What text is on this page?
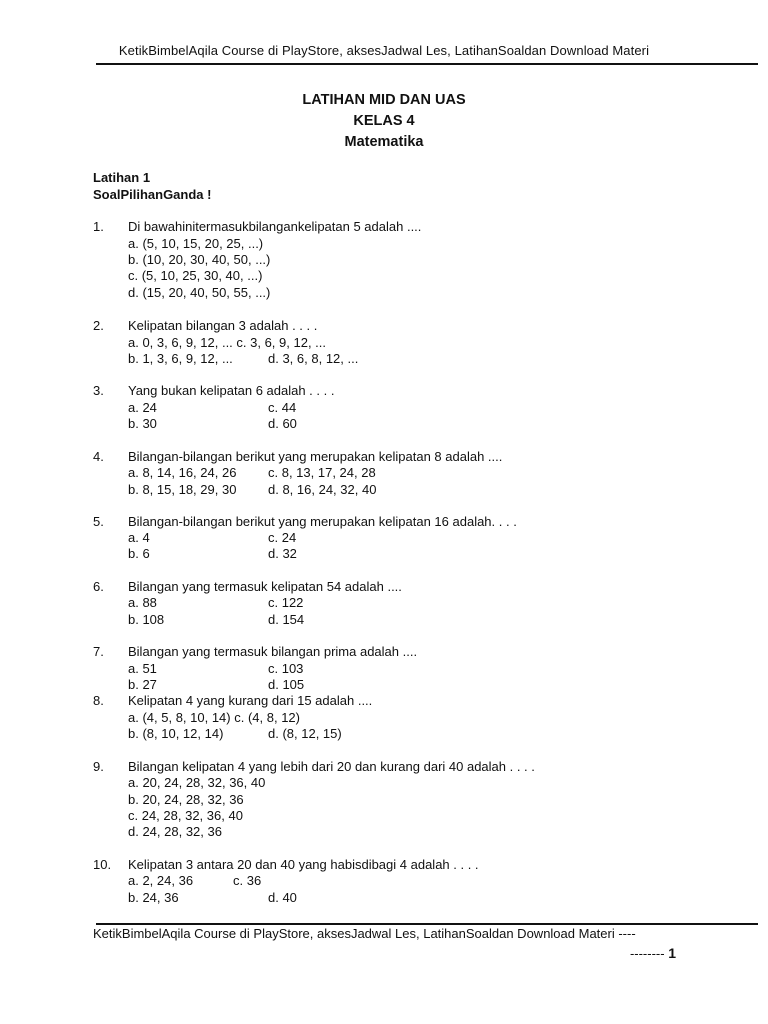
KetikBimbelAqila Course di PlayStore, aksesJadwal Les, LatihanSoaldan Download Materi
LATIHAN MID DAN UAS
KELAS 4
Matematika
Latihan 1
SoalPilihanGanda !
1. Di bawahinitermasukbilangankelipatan 5 adalah ....
a. (5, 10, 15, 20, 25, ...)
b. (10, 20, 30, 40, 50, ...)
c. (5, 10, 25, 30, 40, ...)
d. (15, 20, 40, 50, 55, ...)
2. Kelipatan bilangan 3 adalah . . . .
a. 0, 3, 6, 9, 12, ... c. 3, 6, 9, 12, ...
b. 1, 3, 6, 9, 12, ...	d. 3, 6, 8, 12, ...
3. Yang bukan kelipatan 6 adalah . . . .
a. 24	c. 44
b. 30	d. 60
4. Bilangan-bilangan berikut yang merupakan kelipatan 8 adalah ....
a. 8, 14, 16, 24, 26 c. 8, 13, 17, 24, 28
b. 8, 15, 18, 29, 30 d. 8, 16, 24, 32, 40
5. Bilangan-bilangan berikut yang merupakan kelipatan 16 adalah. . . .
a. 4	c. 24
b. 6	d. 32
6. Bilangan yang termasuk kelipatan 54 adalah ....
a. 88	c. 122
b. 108	d. 154
7. Bilangan yang termasuk bilangan prima adalah ....
a. 51	c. 103
b. 27	d. 105
8. Kelipatan 4 yang kurang dari 15 adalah ....
a. (4, 5, 8, 10, 14) c. (4, 8, 12)
b. (8, 10, 12, 14)	d. (8, 12, 15)
9. Bilangan kelipatan 4 yang lebih dari 20 dan kurang dari 40 adalah . . . .
a. 20, 24, 28, 32, 36, 40
b. 20, 24, 28, 32, 36
c. 24, 28, 32, 36, 40
d. 24, 28, 32, 36
10. Kelipatan 3 antara 20 dan 40 yang habisdibagi 4 adalah . . . .
a. 2, 24, 36	c. 36
b. 24, 36	d. 40
KetikBimbelAqila Course di PlayStore, aksesJadwal Les, LatihanSoaldan Download Materi ----
-------- 1
